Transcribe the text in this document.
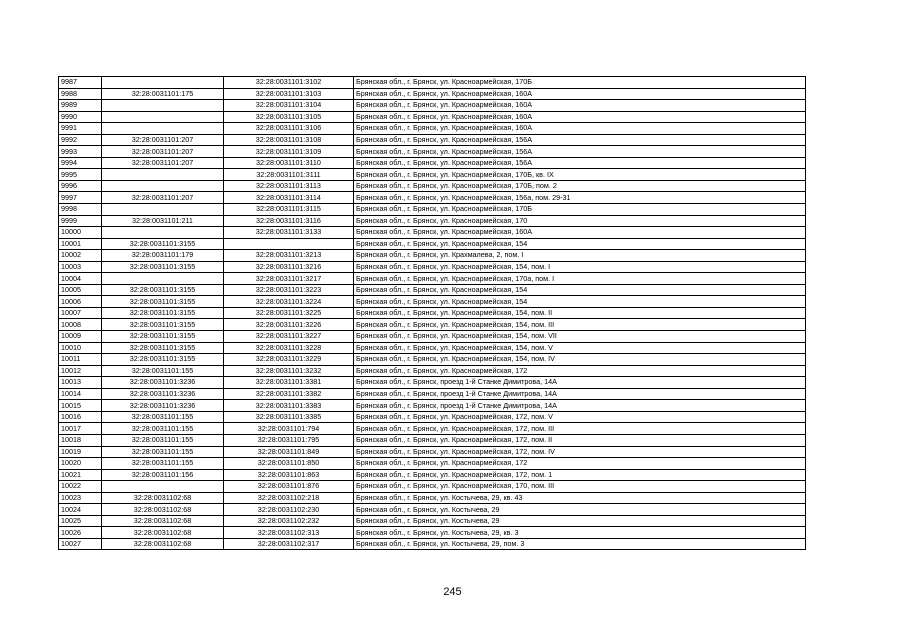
9987		32:28:0031101:3102	Брянская обл., г. Брянск, ул. Красноармейская, 170Б
9988	32:28:0031101:175	32:28:0031101:3103	Брянская обл., г. Брянск, ул. Красноармейская, 160А
9989		32:28:0031101:3104	Брянская обл., г. Брянск, ул. Красноармейская, 160А
9990		32:28:0031101:3105	Брянская обл., г. Брянск, ул. Красноармейская, 160А
9991		32:28:0031101:3106	Брянская обл., г. Брянск, ул. Красноармейская, 160А
9992	32:28:0031101:207	32:28:0031101:3108	Брянская обл., г. Брянск, ул. Красноармейская, 156А
9993	32:28:0031101:207	32:28:0031101:3109	Брянская обл., г. Брянск, ул. Красноармейская, 156А
9994	32:28:0031101:207	32:28:0031101:3110	Брянская обл., г. Брянск, ул. Красноармейская, 156А
9995		32:28:0031101:3111	Брянская обл., г. Брянск, ул. Красноармейская, 170Б, кв. IX
9996		32:28:0031101:3113	Брянская обл., г. Брянск, ул. Красноармейская, 170Б, пом. 2
9997	32:28:0031101:207	32:28:0031101:3114	Брянская обл., г. Брянск, ул. Красноармейская, 156а, пом. 29-31
9998		32:28:0031101:3115	Брянская обл., г. Брянск, ул. Красноармейская, 170Б
9999	32:28:0031101:211	32:28:0031101:3116	Брянская обл., г. Брянск, ул. Красноармейская, 170
10000		32:28:0031101:3133	Брянская обл., г. Брянск, ул. Красноармейская, 160А
10001	32:28:0031101:3155		Брянская обл., г. Брянск, ул. Красноармейская, 154
10002	32:28:0031101:179	32:28:0031101:3213	Брянская обл., г. Брянск, ул. Крахмалева, 2, пом. I
10003	32:28:0031101:3155	32:28:0031101:3216	Брянская обл., г. Брянск, ул. Красноармейская, 154, пом. I
10004		32:28:0031101:3217	Брянская обл., г. Брянск, ул. Красноармейская, 170а, пом. I
10005	32:28:0031101:3155	32:28:0031101:3223	Брянская обл., г. Брянск, ул. Красноармейская, 154
10006	32:28:0031101:3155	32:28:0031101:3224	Брянская обл., г. Брянск, ул. Красноармейская, 154
10007	32:28:0031101:3155	32:28:0031101:3225	Брянская обл., г. Брянск, ул. Красноармейская, 154, пом. II
10008	32:28:0031101:3155	32:28:0031101:3226	Брянская обл., г. Брянск, ул. Красноармейская, 154, пом. III
10009	32:28:0031101:3155	32:28:0031101:3227	Брянская обл., г. Брянск, ул. Красноармейская, 154, пом. VII
10010	32:28:0031101:3155	32:28:0031101:3228	Брянская обл., г. Брянск, ул. Красноармейская, 154, пом. V
10011	32:28:0031101:3155	32:28:0031101:3229	Брянская обл., г. Брянск, ул. Красноармейская, 154, пом. IV
10012	32:28:0031101:155	32:28:0031101:3232	Брянская обл., г. Брянск, ул. Красноармейская, 172
10013	32:28:0031101:3236	32:28:0031101:3381	Брянская обл., г. Брянск, проезд 1-й Станке Димитрова, 14А
10014	32:28:0031101:3236	32:28:0031101:3382	Брянская обл., г. Брянск, проезд 1-й Станке Димитрова, 14А
10015	32:28:0031101:3236	32:28:0031101:3383	Брянская обл., г. Брянск, проезд 1-й Станке Димитрова, 14А
10016	32:28:0031101:155	32:28:0031101:3385	Брянская обл., г. Брянск, ул. Красноармейская, 172, пом. V
10017	32:28:0031101:155	32:28:0031101:794	Брянская обл., г. Брянск, ул. Красноармейская, 172, пом. III
10018	32:28:0031101:155	32:28:0031101:795	Брянская обл., г. Брянск, ул. Красноармейская, 172, пом. II
10019	32:28:0031101:155	32:28:0031101:849	Брянская обл., г. Брянск, ул. Красноармейская, 172, пом. IV
10020	32:28:0031101:155	32:28:0031101:850	Брянская обл., г. Брянск, ул. Красноармейская, 172
10021	32:28:0031101:156	32:28:0031101:863	Брянская обл., г. Брянск, ул. Красноармейская, 172, пом. 1
10022		32:28:0031101:876	Брянская обл., г. Брянск, ул. Красноармейская, 170, пом. III
10023	32:28:0031102:68	32:28:0031102:218	Брянская обл., г. Брянск, ул. Костычева, 29, кв. 43
10024	32:28:0031102:68	32:28:0031102:230	Брянская обл., г. Брянск, ул. Костычева, 29
10025	32:28:0031102:68	32:28:0031102:232	Брянская обл., г. Брянск, ул. Костычева, 29
10026	32:28:0031102:68	32:28:0031102:313	Брянская обл., г. Брянск, ул. Костычева, 29, кв. 3
10027	32:28:0031102:68	32:28:0031102:317	Брянская обл., г. Брянск, ул. Костычева, 29, пом. 3
245
